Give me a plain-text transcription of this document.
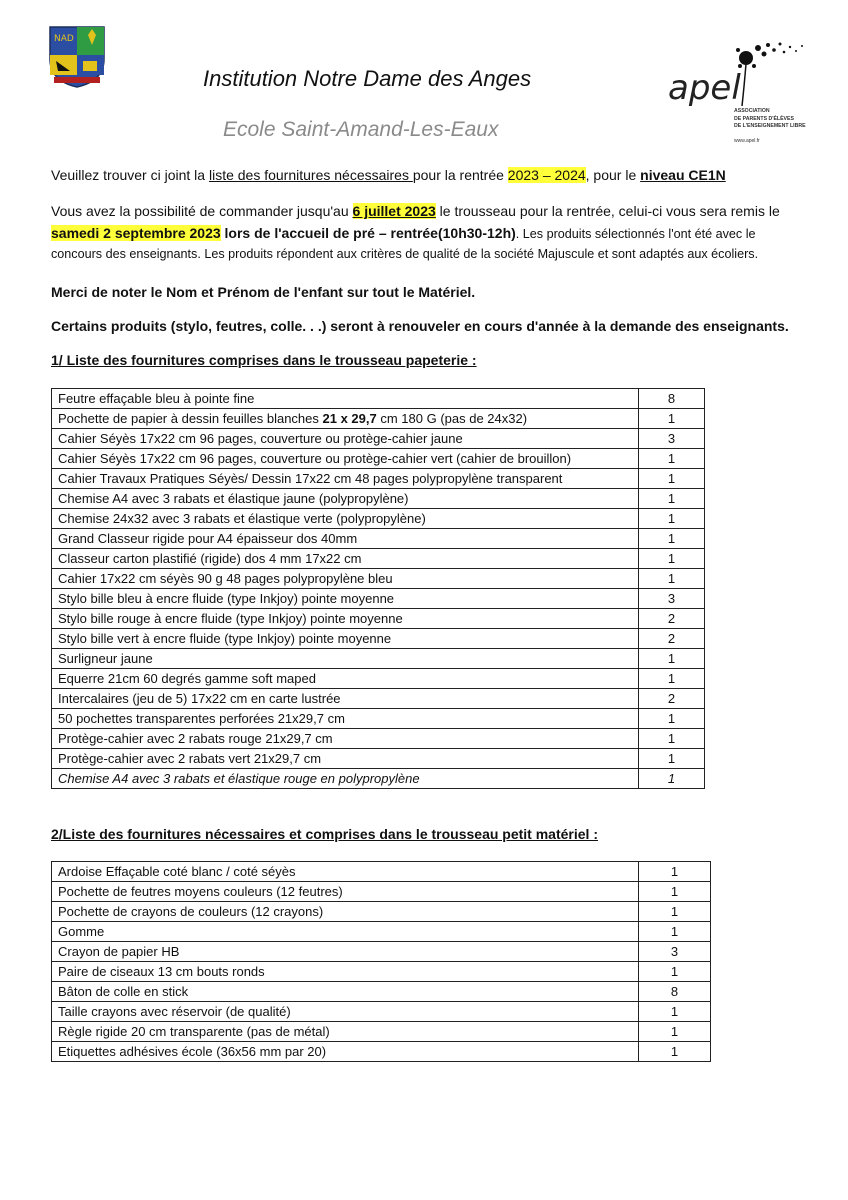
NAD
Institution Notre Dame des Anges
Ecole Saint-Amand-Les-Eaux
apel
ASSOCIATION
DE PARENTS D'ÉLÈVES
DE L'ENSEIGNEMENT LIBRE
www.apel.fr
Veuillez trouver ci joint la liste des fournitures nécessaires pour la rentrée 2023 – 2024, pour le niveau CE1N
Vous avez la possibilité de commander jusqu'au 6 juillet 2023 le trousseau pour la rentrée, celui-ci vous sera remis le
samedi 2 septembre 2023 lors de l'accueil de pré – rentrée(10h30-12h). Les produits sélectionnés l'ont été avec le
concours des enseignants. Les produits répondent aux critères de qualité de la société Majuscule et sont adaptés aux écoliers.
Merci de noter le Nom et Prénom de l'enfant sur tout le Matériel.
Certains produits (stylo, feutres, colle. . .) seront à renouveler en cours d'année à la demande des enseignants.
1/ Liste des fournitures comprises dans le trousseau papeterie :
Feutre effaçable bleu à pointe fine	8
Pochette de papier à dessin feuilles blanches 21 x 29,7 cm 180 G (pas de 24x32)	1
Cahier Séyès 17x22 cm 96 pages, couverture ou protège-cahier jaune	3
Cahier Séyès 17x22 cm 96 pages, couverture ou protège-cahier vert (cahier de brouillon)	1
Cahier Travaux Pratiques Séyès/ Dessin 17x22 cm 48 pages polypropylène transparent	1
Chemise A4 avec 3 rabats et élastique jaune (polypropylène)	1
Chemise 24x32 avec 3 rabats et élastique verte (polypropylène)	1
Grand Classeur rigide pour A4 épaisseur dos 40mm	1
Classeur carton plastifié (rigide) dos 4 mm 17x22 cm	1
Cahier 17x22 cm séyès 90 g 48 pages polypropylène bleu	1
Stylo bille bleu à encre fluide (type Inkjoy) pointe moyenne	3
Stylo bille rouge à encre fluide (type Inkjoy) pointe moyenne	2
Stylo bille vert à encre fluide (type Inkjoy) pointe moyenne	2
Surligneur jaune	1
Equerre 21cm 60 degrés gamme soft maped	1
Intercalaires (jeu de 5) 17x22 cm en carte lustrée	2
50 pochettes transparentes perforées 21x29,7 cm	1
Protège-cahier avec 2 rabats rouge 21x29,7 cm	1
Protège-cahier avec 2 rabats vert 21x29,7 cm	1
Chemise A4 avec 3 rabats et élastique rouge en polypropylène	1
2/Liste des fournitures nécessaires et comprises dans le trousseau petit matériel :
Ardoise Effaçable coté blanc / coté séyès	1
Pochette de feutres moyens couleurs (12 feutres)	1
Pochette de crayons de couleurs (12 crayons)	1
Gomme	1
Crayon de papier HB	3
Paire de ciseaux 13 cm bouts ronds	1
Bâton de colle en stick	8
Taille crayons avec réservoir (de qualité)	1
Règle rigide 20 cm transparente (pas de métal)	1
Etiquettes adhésives école (36x56 mm par 20)	1
